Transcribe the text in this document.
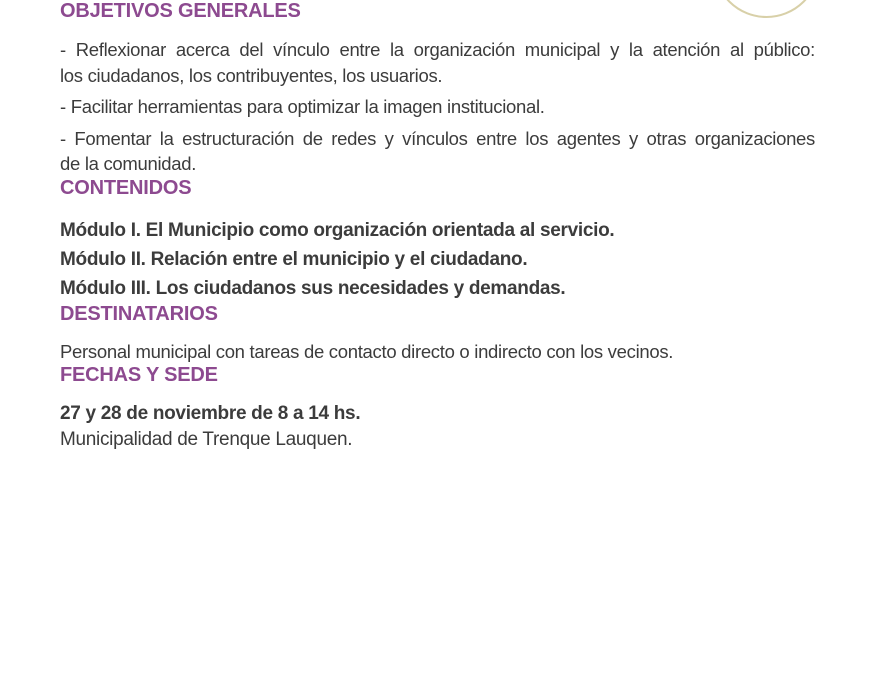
OBJETIVOS GENERALES

- Reflexionar acerca del vínculo entre la organización municipal y la atención al público:
los ciudadanos, los contribuyentes, los usuarios.

- Facilitar herramientas para optimizar la imagen institucional.

- Fomentar la estructuración de redes y vínculos entre los agentes y otras organizaciones
de la comunidad.

CONTENIDOS
Módulo I. El Municipio como organización orientada al servicio.
Módulo II. Relación entre el municipio y el ciudadano.
Módulo III. Los ciudadanos sus necesidades y demandas.
DESTINATARIOS

Personal municipal con tareas de contacto directo o indirecto con los vecinos.

FECHAS Y SEDE

27 y 28 de noviembre de 8 a 14 hs.
Municipalidad de Trenque Lauquen.
